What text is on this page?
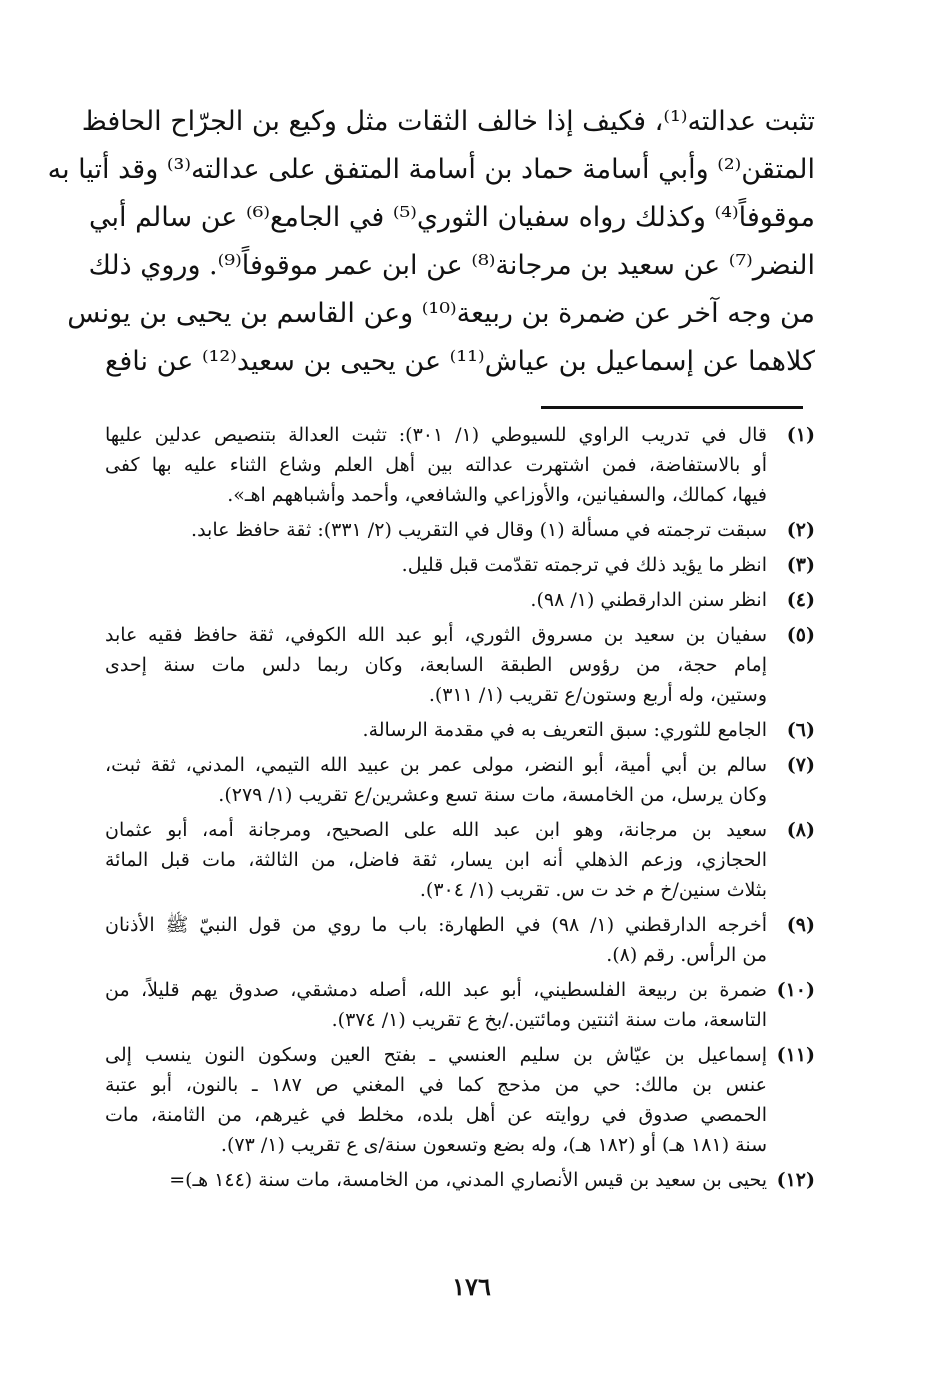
تثبت عدالته⁽¹⁾، فكيف إذا خالف الثقات مثل وكيع بن الجرّاح الحافظ
المتقن⁽²⁾ وأبي أسامة حماد بن أسامة المتفق على عدالته⁽³⁾ وقد أتيا به
موقوفاً⁽⁴⁾ وكذلك رواه سفيان الثوري⁽⁵⁾ في الجامع⁽⁶⁾ عن سالم أبي
النضر⁽⁷⁾ عن سعيد بن مرجانة⁽⁸⁾ عن ابن عمر موقوفاً⁽⁹⁾. وروي ذلك
من وجه آخر عن ضمرة بن ربيعة⁽¹⁰⁾ وعن القاسم بن يحيى بن يونس
كلاهما عن إسماعيل بن عياش⁽¹¹⁾ عن يحيى بن سعيد⁽¹²⁾ عن نافع
(١)
قال في تدريب الراوي للسيوطي (١/ ٣٠١): تثبت العدالة بتنصيص عدلين عليها
أو بالاستفاضة، فمن اشتهرت عدالته بين أهل العلم وشاع الثناء عليه بها كفى
فيها، كمالك، والسفيانين، والأوزاعي والشافعي، وأحمد وأشباههم اهـ».
(٢)
سبقت ترجمته في مسألة (١) وقال في التقريب (٢/ ٣٣١): ثقة حافظ عابد.
(٣)
انظر ما يؤيد ذلك في ترجمته تقدّمت قبل قليل.
(٤)
انظر سنن الدارقطني (١/ ٩٨).
(٥)
سفيان بن سعيد بن مسروق الثوري، أبو عبد الله الكوفي، ثقة حافظ فقيه عابد
إمام حجة، من رؤوس الطبقة السابعة، وكان ربما دلس مات سنة إحدى
وستين، وله أربع وستون/ع تقريب (١/ ٣١١).
(٦)
الجامع للثوري: سبق التعريف به في مقدمة الرسالة.
(٧)
سالم بن أبي أمية، أبو النضر، مولى عمر بن عبيد الله التيمي، المدني، ثقة ثبت،
وكان يرسل، من الخامسة، مات سنة تسع وعشرين/ع تقريب (١/ ٢٧٩).
(٨)
سعيد بن مرجانة، وهو ابن عبد الله على الصحيح، ومرجانة أمه، أبو عثمان
الحجازي، وزعم الذهلي أنه ابن يسار، ثقة فاضل، من الثالثة، مات قبل المائة
بثلاث سنين/خ م خد ت س. تقريب (١/ ٣٠٤).
(٩)
أخرجه الدارقطني (١/ ٩٨) في الطهارة: باب ما روي من قول النبيّ ﷺ الأذنان
من الرأس. رقم (٨).
(١٠)
ضمرة بن ربيعة الفلسطيني، أبو عبد الله، أصله دمشقي، صدوق يهم قليلاً، من
التاسعة، مات سنة اثنتين ومائتين./بخ ع تقريب (١/ ٣٧٤).
(١١)
إسماعيل بن عيّاش بن سليم العنسي ـ بفتح العين وسكون النون ينسب إلى
عنس بن مالك: حي من مذحج كما في المغني ص ١٨٧ ـ بالنون، أبو عتبة
الحمصي صدوق في روايته عن أهل بلده، مخلط في غيرهم، من الثامنة، مات
سنة (١٨١ هـ) أو (١٨٢ هـ)، وله بضع وتسعون سنة/ى ع تقريب (١/ ٧٣).
(١٢)
يحيى بن سعيد بن قيس الأنصاري المدني، من الخامسة، مات سنة (١٤٤ هـ)=
١٧٦
